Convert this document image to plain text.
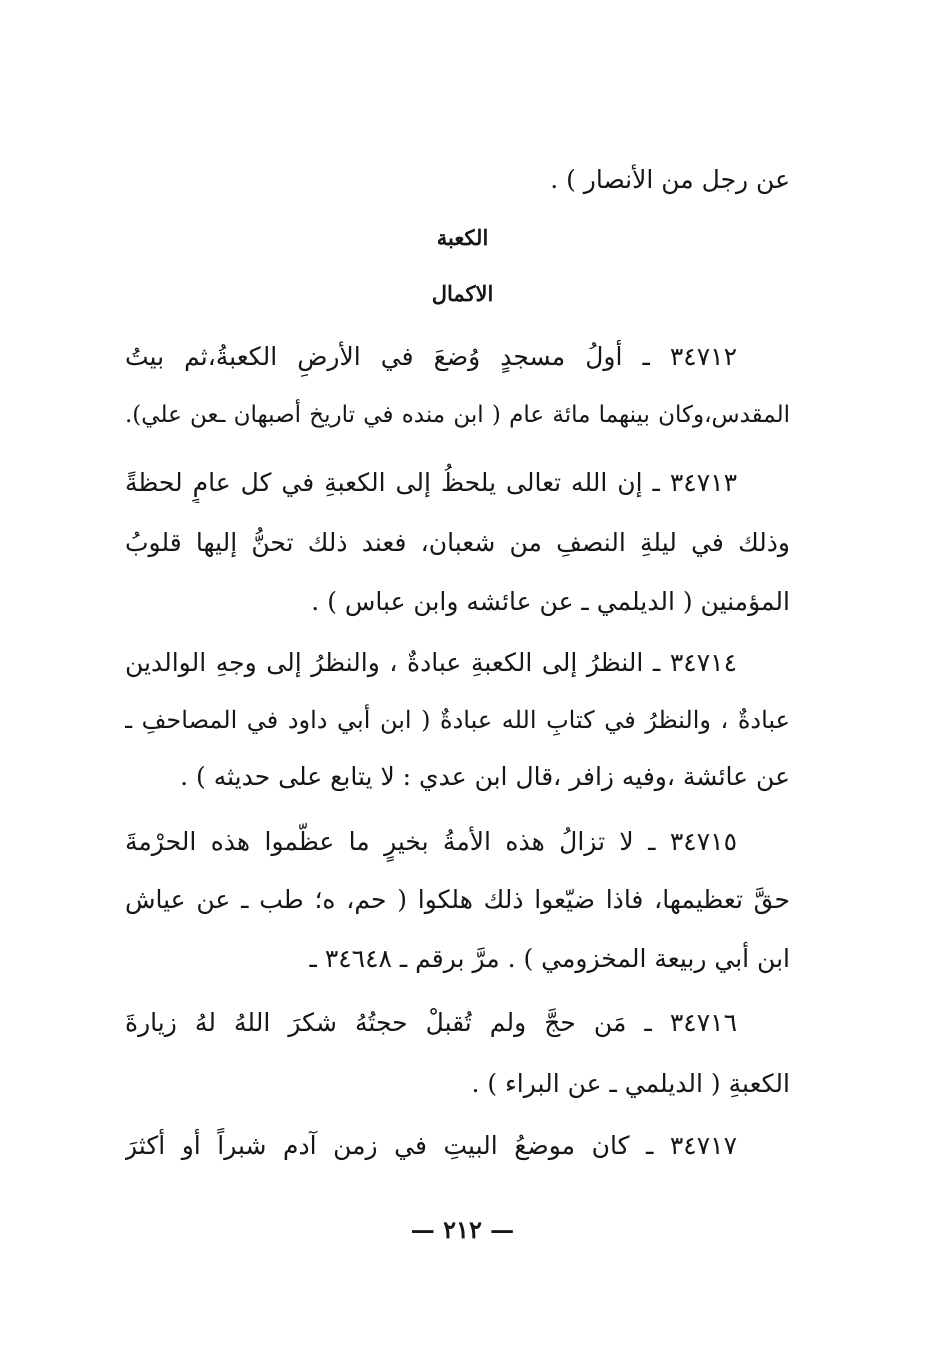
عن رجل من الأنصار ) .
الكعبة
الاكمال
٣٤٧١٢ ـ أولُ مسجدٍ وُضعَ في الأرضِ الكعبةُ،ثم بيتُ
المقدس،وكان بينهما مائة عام ( ابن منده في تاريخ أصبهان ـعن علي).
٣٤٧١٣ ـ إن الله تعالى يلحظُ إلى الكعبةِ في كل عامٍ لحظةً
وذلك في ليلةِ النصفِ من شعبان، فعند ذلك تحنُّ إليها قلوبُ
المؤمنين ( الديلمي ـ عن عائشه وابن عباس ) .
٣٤٧١٤ ـ النظرُ إلى الكعبةِ عبادةٌ ، والنظرُ إلى وجهِ الوالدين
عبادةٌ ، والنظرُ في كتابِ الله عبادةٌ ( ابن أبي داود في المصاحفِ ـ
عن عائشة ،وفيه زافر ،قال ابن عدي : لا يتابع على حديثه ) .
٣٤٧١٥ ـ لا تزالُ هذه الأمةُ بخيرٍ ما عظّموا هذه الحرْمةَ
حقَّ تعظيمها، فاذا ضيّعوا ذلك هلكوا ( حم، ه؛ طب ـ عن عياش
ابن أبي ربيعة المخزومي ) . مرَّ برقم ـ ٣٤٦٤٨ ـ
٣٤٧١٦ ـ مَن حجَّ ولم تُقبلْ حجتُهُ شكرَ اللهُ لهُ زيارةَ
الكعبةِ ( الديلمي ـ عن البراء ) .
٣٤٧١٧ ـ كان موضعُ البيتِ في زمن آدم شبراً أو أكثرَ
— ٢١٢ —
